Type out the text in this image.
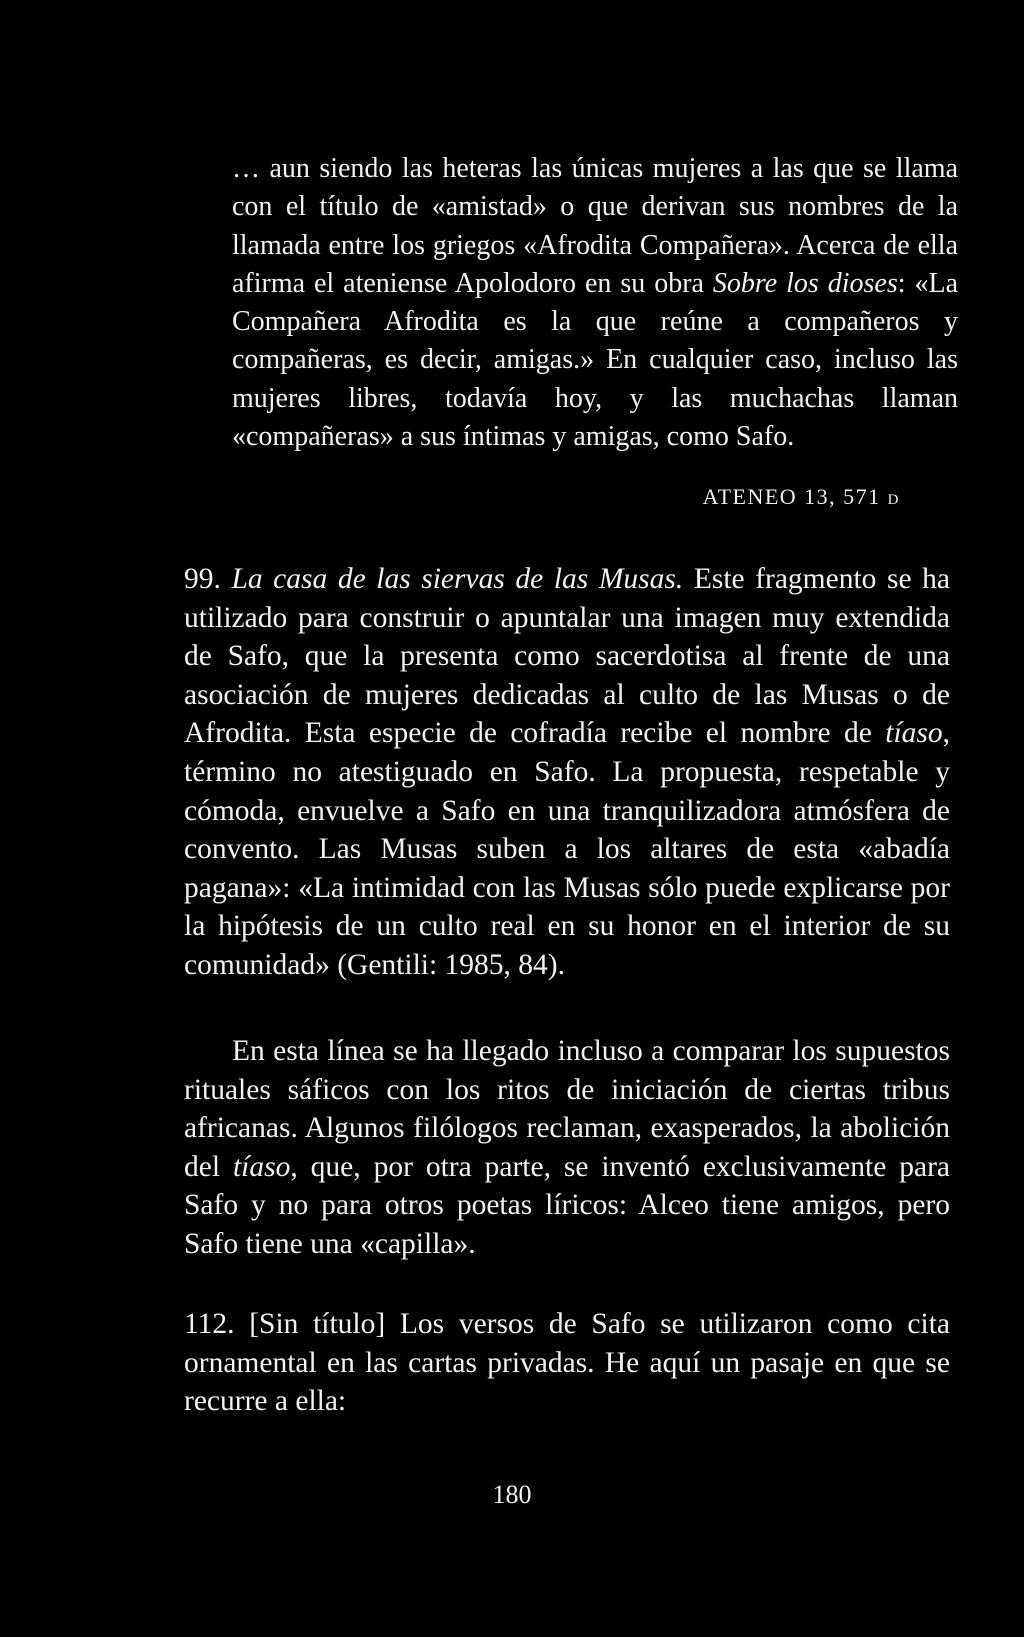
… aun siendo las heteras las únicas mujeres a las que se llama con el título de «amistad» o que derivan sus nombres de la llamada entre los griegos «Afrodita Compañera». Acerca de ella afirma el ateniense Apolodoro en su obra Sobre los dioses: «La Compañera Afrodita es la que reúne a compañeros y compañeras, es decir, amigas.» En cualquier caso, incluso las mujeres libres, todavía hoy, y las muchachas llaman «compañeras» a sus íntimas y amigas, como Safo.

ATENEO 13, 571 d

99. La casa de las siervas de las Musas. Este fragmento se ha utilizado para construir o apuntalar una imagen muy extendida de Safo, que la presenta como sacerdotisa al frente de una asociación de mujeres dedicadas al culto de las Musas o de Afrodita. Esta especie de cofradía recibe el nombre de tíaso, término no atestiguado en Safo. La propuesta, respetable y cómoda, envuelve a Safo en una tranquilizadora atmósfera de convento. Las Musas suben a los altares de esta «abadía pagana»: «La intimidad con las Musas sólo puede explicarse por la hipótesis de un culto real en su honor en el interior de su comunidad» (Gentili: 1985, 84).

En esta línea se ha llegado incluso a comparar los supuestos rituales sáficos con los ritos de iniciación de ciertas tribus africanas. Algunos filólogos reclaman, exasperados, la abolición del tíaso, que, por otra parte, se inventó exclusivamente para Safo y no para otros poetas líricos: Alceo tiene amigos, pero Safo tiene una «capilla».

112. [Sin título] Los versos de Safo se utilizaron como cita ornamental en las cartas privadas. He aquí un pasaje en que se recurre a ella:

180
